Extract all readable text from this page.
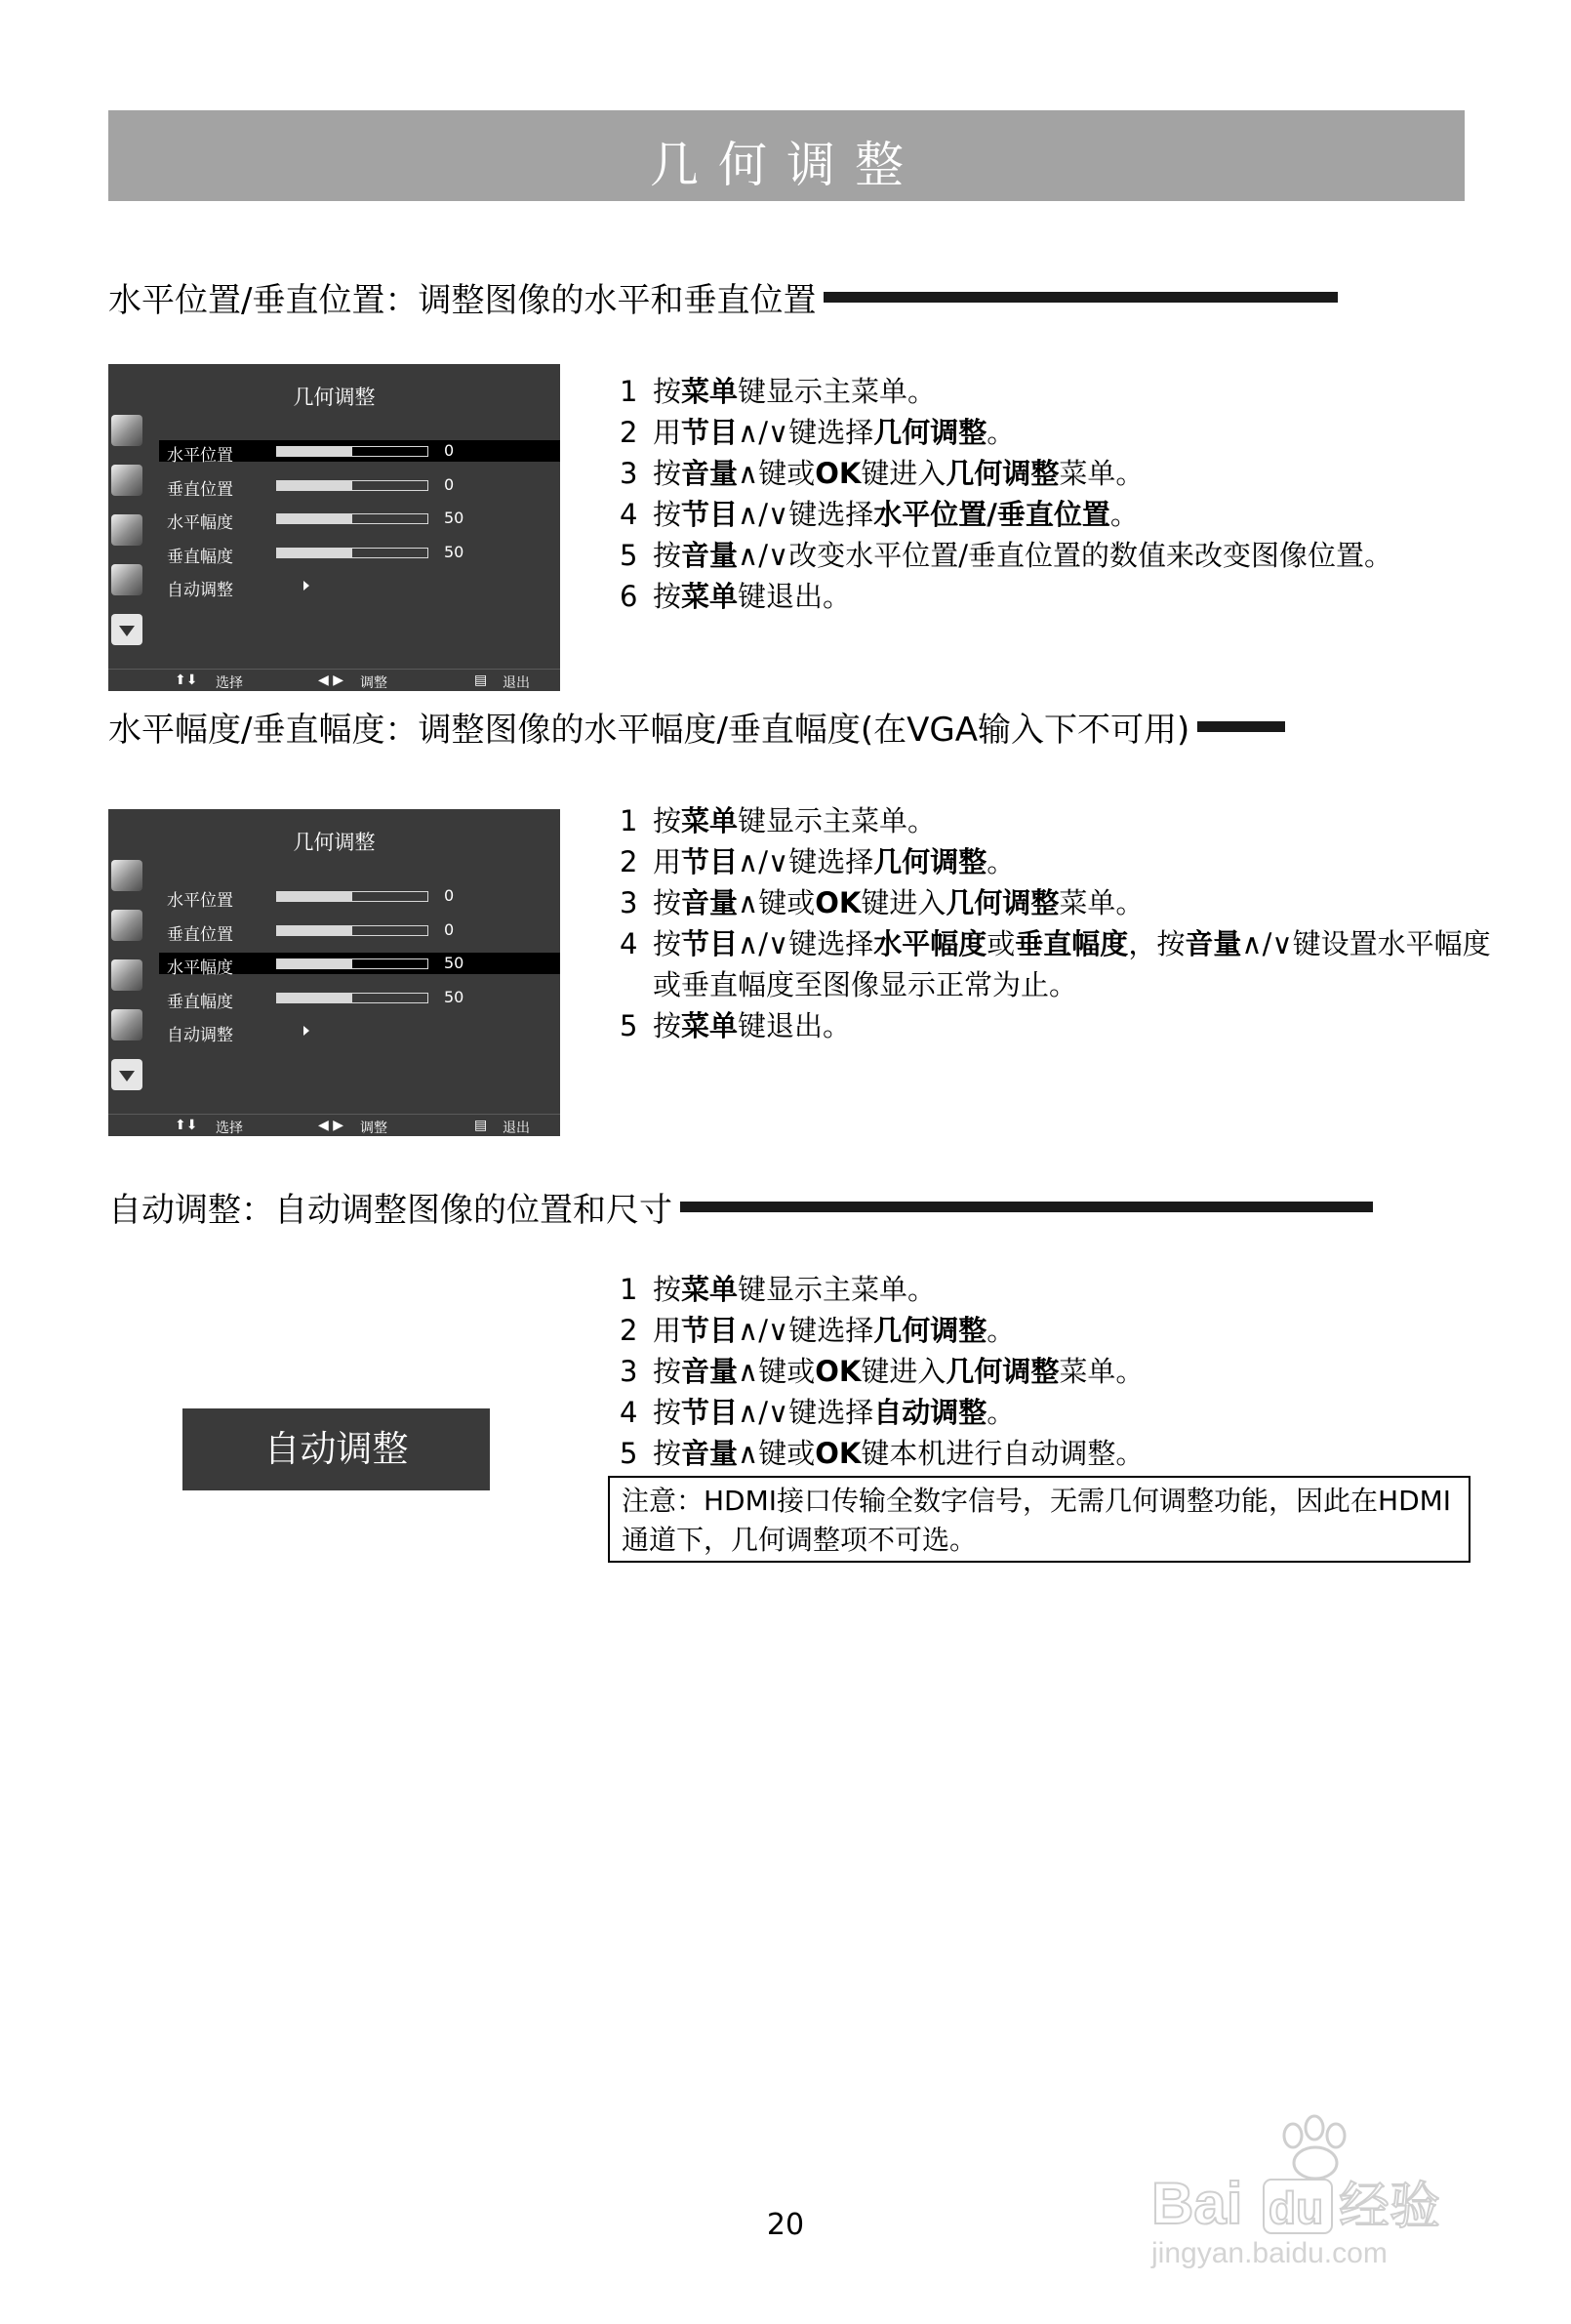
几何调整
水平位置/垂直位置：调整图像的水平和垂直位置
几何调整
水平位置	0
垂直位置	0
水平幅度	50
垂直幅度	50
自动调整
⬆⬇ 选择	◀ ▶ 调整	▤ 退出
1 按菜单键显示主菜单。
2 用节目∧/∨键选择几何调整。
3 按音量∧键或OK键进入几何调整菜单。
4 按节目∧/∨键选择水平位置/垂直位置。
5 按音量∧/∨改变水平位置/垂直位置的数值来改变图像位置。
6 按菜单键退出。
水平幅度/垂直幅度：调整图像的水平幅度/垂直幅度(在VGA输入下不可用)
几何调整
水平位置	0
垂直位置	0
水平幅度	50
垂直幅度	50
自动调整
⬆⬇ 选择	◀ ▶ 调整	▤ 退出
1 按菜单键显示主菜单。
2 用节目∧/∨键选择几何调整。
3 按音量∧键或OK键进入几何调整菜单。
4 按节目∧/∨键选择水平幅度或垂直幅度，按音量∧/∨键设置水平幅度或垂直幅度至图像显示正常为止。
5 按菜单键退出。
自动调整：自动调整图像的位置和尺寸
自动调整
1 按菜单键显示主菜单。
2 用节目∧/∨键选择几何调整。
3 按音量∧键或OK键进入几何调整菜单。
4 按节目∧/∨键选择自动调整。
5 按音量∧键或OK键本机进行自动调整。
注意：HDMI接口传输全数字信号，无需几何调整功能，因此在HDMI通道下，几何调整项不可选。
20	Bai du 经验
jingyan.baidu.com
